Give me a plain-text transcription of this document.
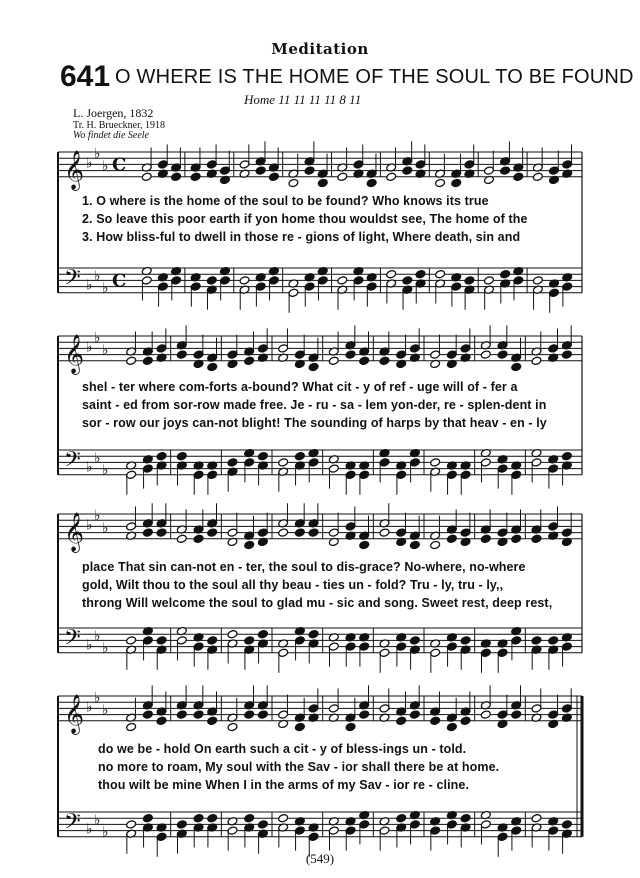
Meditation
641 O WHERE IS THE HOME OF THE SOUL TO BE FOUND
Home 11 11 11 11 8 11
L. Joergen, 1832
Tr. H. Brueckner, 1918
Wo findet die Seele
𝄞
𝄢
♭
♭
♭
♭
♭
♭
C
C
𝄞
𝄢
♭
♭
♭
♭
♭
♭
𝄞
𝄢
♭
♭
♭
♭
♭
♭
𝄞
𝄢
♭
♭
♭
♭
♭
♭
1. O where is the home of the soul to be found? Who knows its true
2. So leave this poor earth if yon home thou wouldst see, The home of the
3. How bliss-ful to dwell in those re - gions of light, Where death, sin and
shel - ter where com-forts a-bound? What cit - y of ref - uge will of - fer a
saint - ed from sor-row made free. Je - ru - sa - lem yon-der, re - splen-dent in
sor - row our joys can-not blight! The sounding of harps by that heav - en - ly
place That sin can-not en - ter, the soul to dis-grace? No-where, no-where
gold, Wilt thou to the soul all thy beau - ties un - fold? Tru - ly, tru - ly,,
throng Will welcome the soul to glad mu - sic and song. Sweet rest, deep rest,
do we be - hold On earth such a cit - y of bless-ings un - told.
no more to roam, My soul with the Sav - ior shall there be at home.
thou wilt be mine When I in the arms of my Sav - ior re - cline.
(549)
